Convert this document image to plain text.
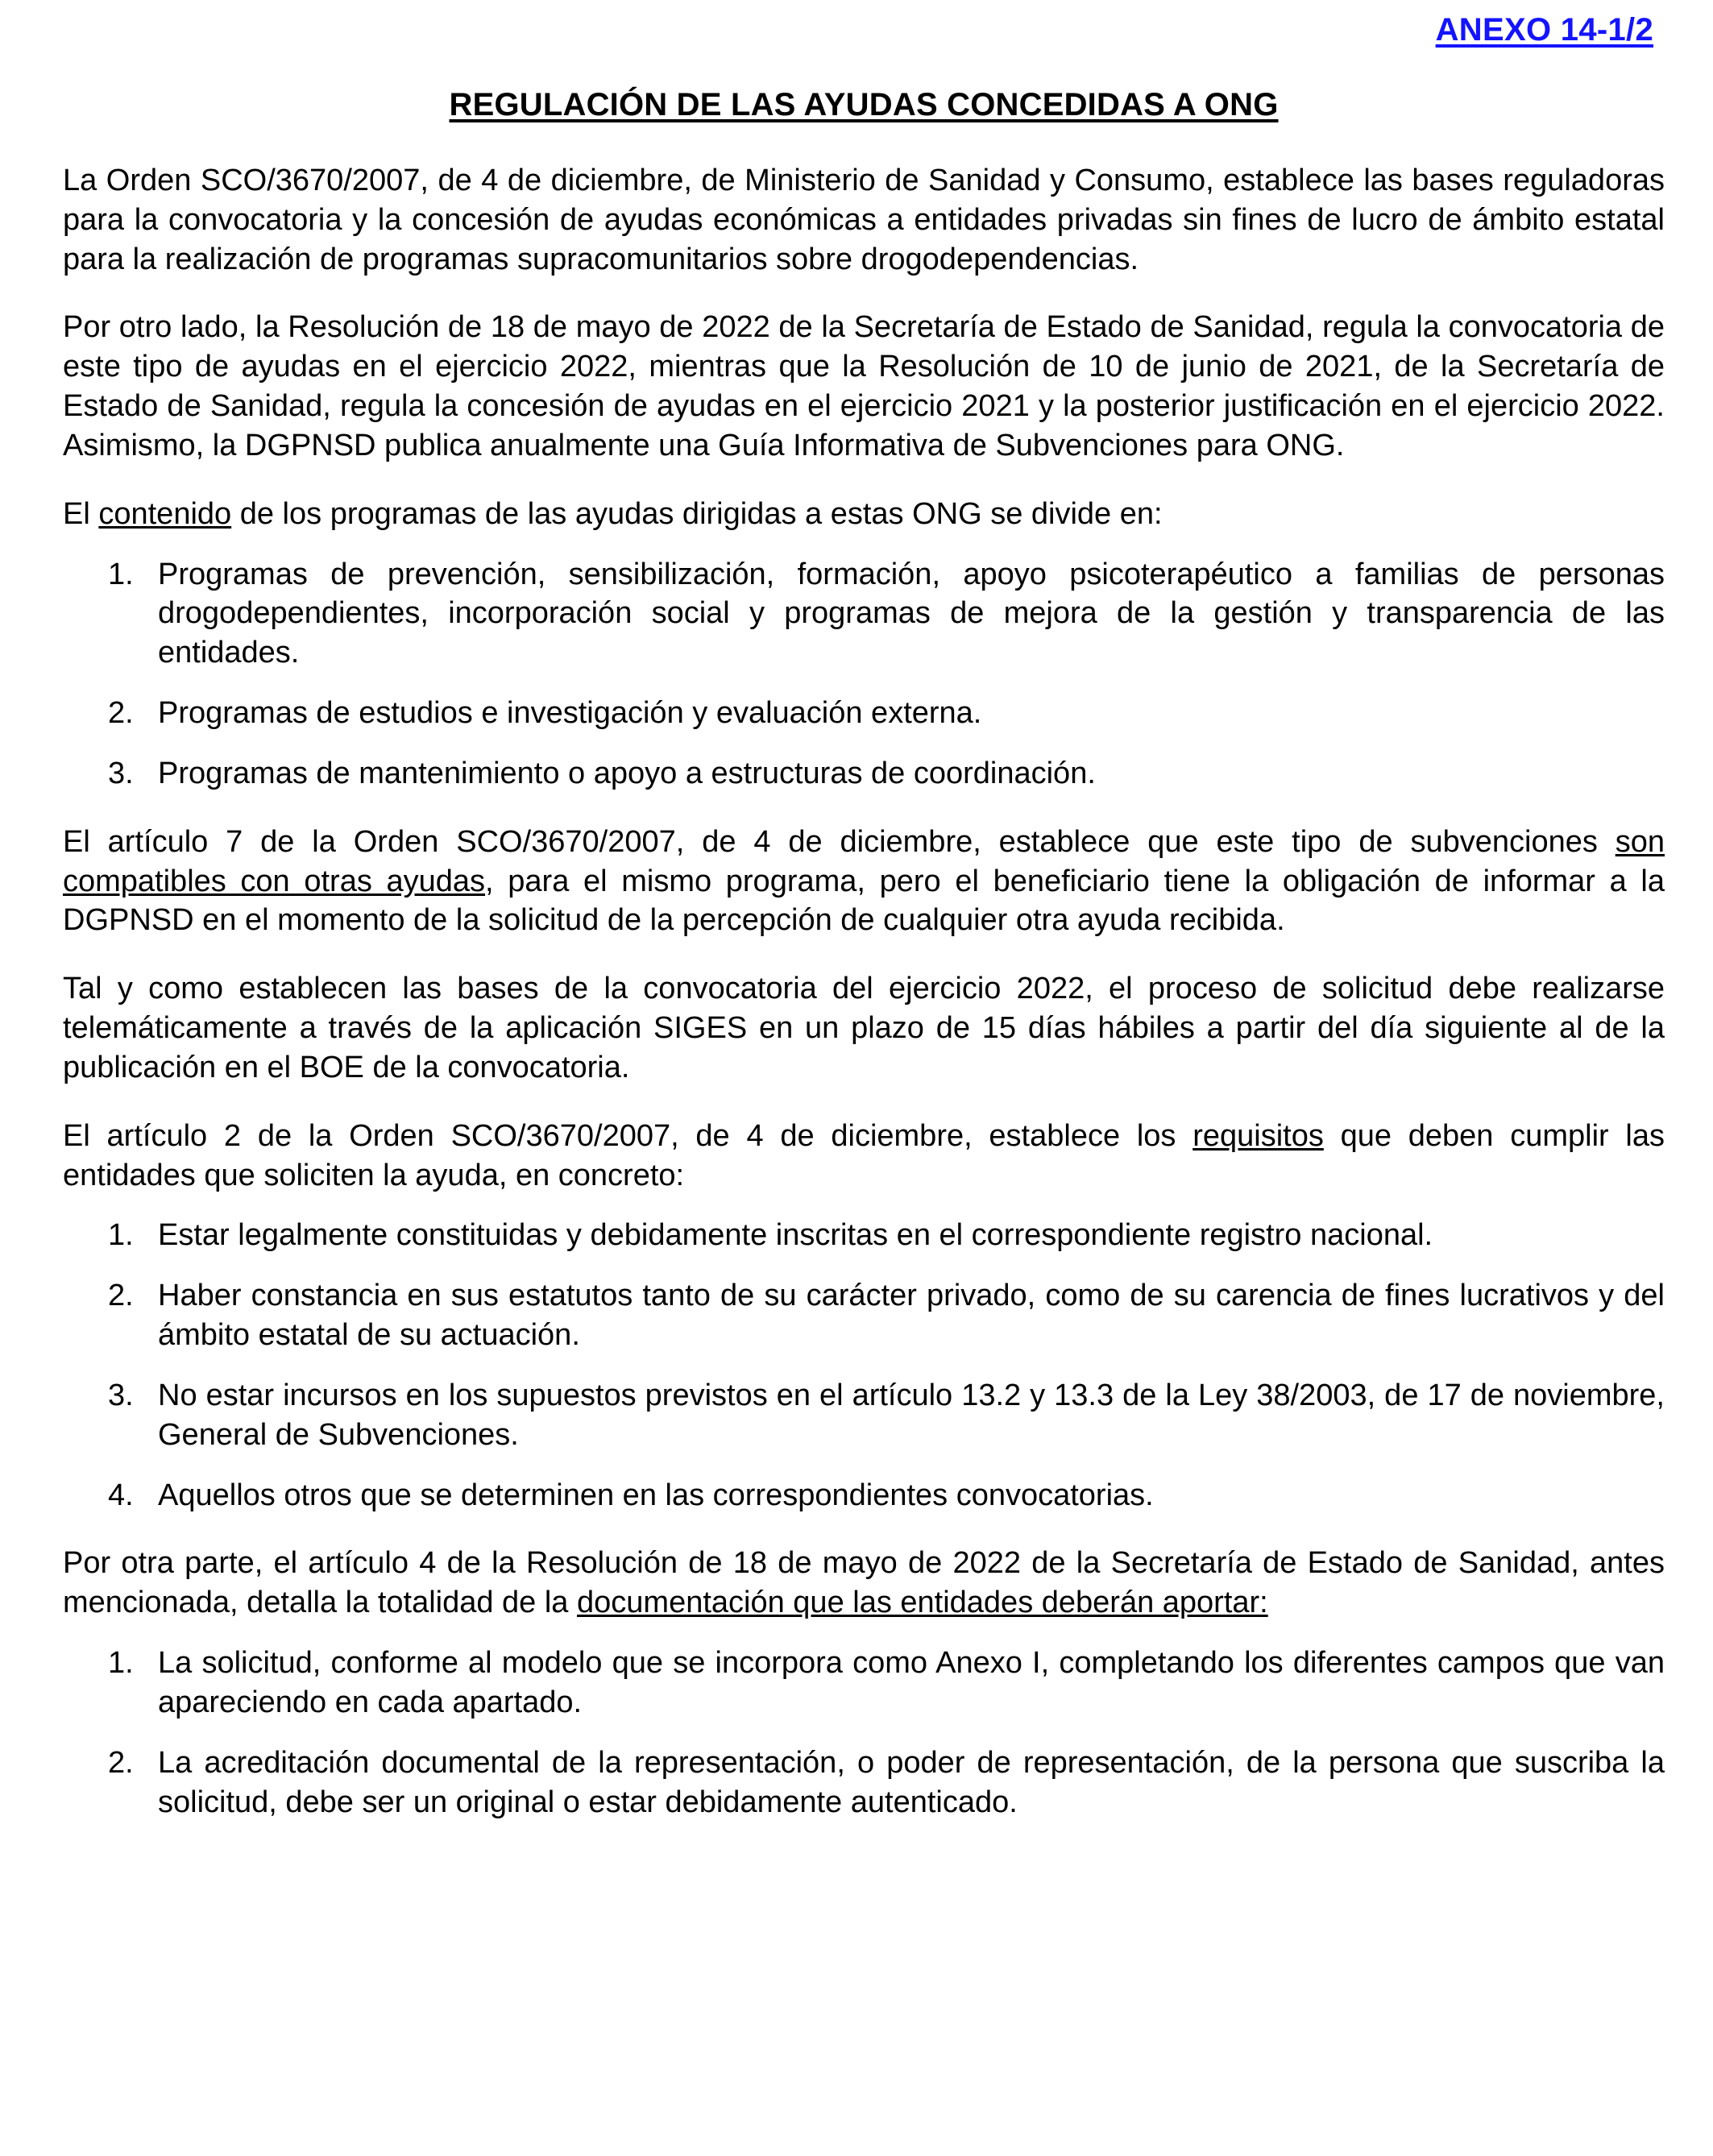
ANEXO 14-1/2
REGULACIÓN DE LAS AYUDAS CONCEDIDAS A ONG

La Orden SCO/3670/2007, de 4 de diciembre, de Ministerio de Sanidad y Consumo, establece las bases reguladoras para la convocatoria y la concesión de ayudas económicas a entidades privadas sin fines de lucro de ámbito estatal para la realización de programas supracomunitarios sobre drogodependencias.

Por otro lado, la Resolución de 18 de mayo de 2022 de la Secretaría de Estado de Sanidad, regula la convocatoria de este tipo de ayudas en el ejercicio 2022, mientras que la Resolución de 10 de junio de 2021, de la Secretaría de Estado de Sanidad, regula la concesión de ayudas en el ejercicio 2021 y la posterior justificación en el ejercicio 2022. Asimismo, la DGPNSD publica anualmente una Guía Informativa de Subvenciones para ONG.

El contenido de los programas de las ayudas dirigidas a estas ONG se divide en:

1. Programas de prevención, sensibilización, formación, apoyo psicoterapéutico a familias de personas drogodependientes, incorporación social y programas de mejora de la gestión y transparencia de las entidades.
2. Programas de estudios e investigación y evaluación externa.
3. Programas de mantenimiento o apoyo a estructuras de coordinación.

El artículo 7 de la Orden SCO/3670/2007, de 4 de diciembre, establece que este tipo de subvenciones son compatibles con otras ayudas, para el mismo programa, pero el beneficiario tiene la obligación de informar a la DGPNSD en el momento de la solicitud de la percepción de cualquier otra ayuda recibida.

Tal y como establecen las bases de la convocatoria del ejercicio 2022, el proceso de solicitud debe realizarse telemáticamente a través de la aplicación SIGES en un plazo de 15 días hábiles a partir del día siguiente al de la publicación en el BOE de la convocatoria.

El artículo 2 de la Orden SCO/3670/2007, de 4 de diciembre, establece los requisitos que deben cumplir las entidades que soliciten la ayuda, en concreto:

1. Estar legalmente constituidas y debidamente inscritas en el correspondiente registro nacional.
2. Haber constancia en sus estatutos tanto de su carácter privado, como de su carencia de fines lucrativos y del ámbito estatal de su actuación.
3. No estar incursos en los supuestos previstos en el artículo 13.2 y 13.3 de la Ley 38/2003, de 17 de noviembre, General de Subvenciones.
4. Aquellos otros que se determinen en las correspondientes convocatorias.

Por otra parte, el artículo 4 de la Resolución de 18 de mayo de 2022 de la Secretaría de Estado de Sanidad, antes mencionada, detalla la totalidad de la documentación que las entidades deberán aportar:

1. La solicitud, conforme al modelo que se incorpora como Anexo I, completando los diferentes campos que van apareciendo en cada apartado.
2. La acreditación documental de la representación, o poder de representación, de la persona que suscriba la solicitud, debe ser un original o estar debidamente autenticado.
